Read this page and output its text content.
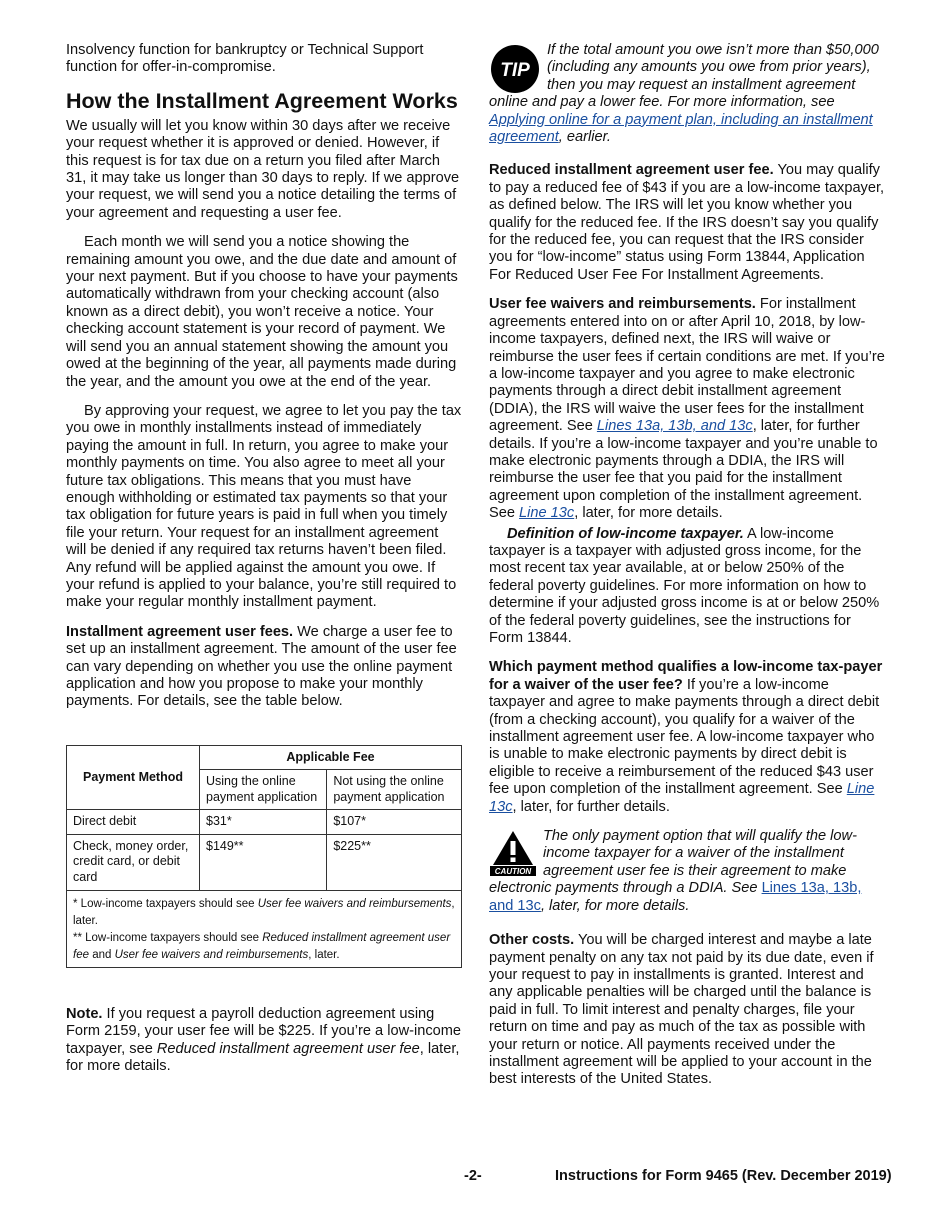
Insolvency function for bankruptcy or Technical Support function for offer-in-compromise.

How the Installment Agreement Works

We usually will let you know within 30 days after we receive your request whether it is approved or denied. However, if this request is for tax due on a return you filed after March 31, it may take us longer than 30 days to reply. If we approve your request, we will send you a notice detailing the terms of your agreement and requesting a user fee.

Each month we will send you a notice showing the remaining amount you owe, and the due date and amount of your next payment. But if you choose to have your payments automatically withdrawn from your checking account (also known as a direct debit), you won’t receive a notice. Your checking account statement is your record of payment. We will send you an annual statement showing the amount you owed at the beginning of the year, all payments made during the year, and the amount you owe at the end of the year.

By approving your request, we agree to let you pay the tax you owe in monthly installments instead of immediately paying the amount in full. In return, you agree to make your monthly payments on time. You also agree to meet all your future tax obligations. This means that you must have enough withholding or estimated tax payments so that your tax obligation for future years is paid in full when you timely file your return. Your request for an installment agreement will be denied if any required tax returns haven’t been filed. Any refund will be applied against the amount you owe. If your refund is applied to your balance, you’re still required to make your regular monthly installment payment.

Installment agreement user fees. We charge a user fee to set up an installment agreement. The amount of the user fee can vary depending on whether you use the online payment application and how you propose to make your monthly payments. For details, see the table below.

Payment Method	Applicable Fee	
	Using the online payment application	Not using the online payment application
Direct debit	$31*	$107*
Check, money order, credit card, or debit card	$149**	$225**

* Low-income taxpayers should see User fee waivers and reimbursements, later.
** Low-income taxpayers should see Reduced installment agreement user fee and User fee waivers and reimbursements, later.		

Note. If you request a payroll deduction agreement using Form 2159, your user fee will be $225. If you’re a low-income taxpayer, see Reduced installment agreement user fee, later, for more details.

TIP
If the total amount you owe isn’t more than $50,000 (including any amounts you owe from prior years), then you may request an installment agreement online and pay a lower fee. For more information, see Applying online for a payment plan, including an installment agreement, earlier.

Reduced installment agreement user fee. You may qualify to pay a reduced fee of $43 if you are a low-income taxpayer, as defined below. The IRS will let you know whether you qualify for the reduced fee. If the IRS doesn’t say you qualify for the reduced fee, you can request that the IRS consider you for “low-income” status using Form 13844, Application For Reduced User Fee For Installment Agreements.

User fee waivers and reimbursements. For installment agreements entered into on or after April 10, 2018, by low-income taxpayers, defined next, the IRS will waive or reimburse the user fees if certain conditions are met. If you’re a low-income taxpayer and you agree to make electronic payments through a direct debit installment agreement (DDIA), the IRS will waive the user fees for the installment agreement. See Lines 13a, 13b, and 13c, later, for further details. If you’re a low-income taxpayer and you’re unable to make electronic payments through a DDIA, the IRS will reimburse the user fee that you paid for the installment agreement upon completion of the installment agreement. See Line 13c, later, for more details.

Definition of low-income taxpayer. A low-income taxpayer is a taxpayer with adjusted gross income, for the most recent tax year available, at or below 250% of the federal poverty guidelines. For more information on how to determine if your adjusted gross income is at or below 250% of the federal poverty guidelines, see the instructions for Form 13844.

Which payment method qualifies a low-income tax-payer for a waiver of the user fee? If you’re a low-income taxpayer and agree to make payments through a direct debit (from a checking account), you qualify for a waiver of the installment agreement user fee. A low-income taxpayer who is unable to make electronic payments by direct debit is eligible to receive a reimbursement of the reduced $43 user fee upon completion of the installment agreement. See Line 13c, later, for further details.

CAUTION
The only payment option that will qualify the low-income taxpayer for a waiver of the installment agreement user fee is their agreement to make electronic payments through a DDIA. See Lines 13a, 13b, and 13c, later, for more details.

Other costs. You will be charged interest and maybe a late payment penalty on any tax not paid by its due date, even if your request to pay in installments is granted. Interest and any applicable penalties will be charged until the balance is paid in full. To limit interest and penalty charges, file your return on time and pay as much of the tax as possible with your return or notice. All payments received under the installment agreement will be applied to your account in the best interests of the United States.

-2-	Instructions for Form 9465 (Rev. December 2019)
